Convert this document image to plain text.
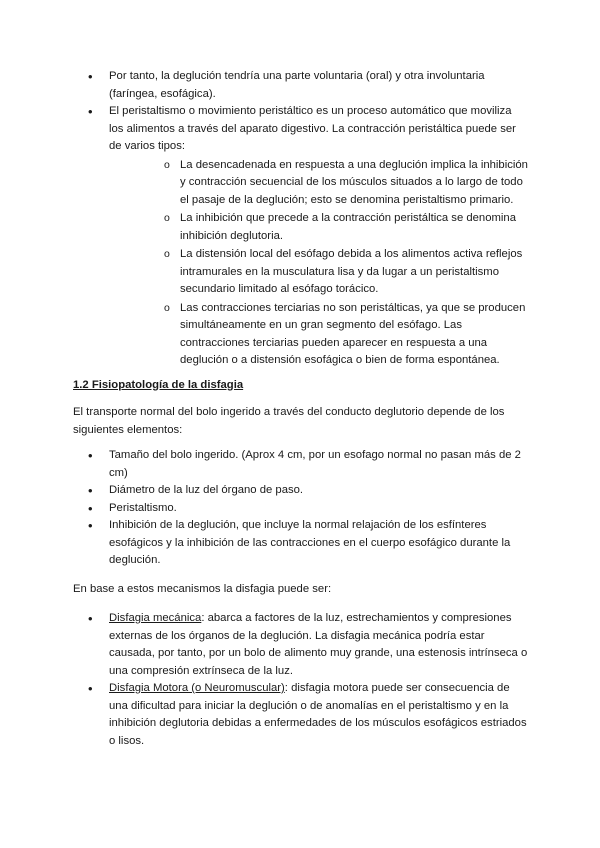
• Por tanto, la deglución tendría una parte voluntaria (oral) y otra involuntaria (faríngea, esofágica).
• El peristaltismo o movimiento peristáltico es un proceso automático que moviliza los alimentos a través del aparato digestivo. La contracción peristáltica puede ser de varios tipos:
o La desencadenada en respuesta a una deglución implica la inhibición y contracción secuencial de los músculos situados a lo largo de todo el pasaje de la deglución; esto se denomina peristaltismo primario.
o La inhibición que precede a la contracción peristáltica se denomina inhibición deglutoria.
o La distensión local del esófago debida a los alimentos activa reflejos intramurales en la musculatura lisa y da lugar a un peristaltismo secundario limitado al esófago torácico.
o Las contracciones terciarias no son peristálticas, ya que se producen simultáneamente en un gran segmento del esófago. Las contracciones terciarias pueden aparecer en respuesta a una deglución o a distensión esofágica o bien de forma espontánea.
1.2 Fisiopatología de la disfagia

El transporte normal del bolo ingerido a través del conducto deglutorio depende de los siguientes elementos:

• Tamaño del bolo ingerido. (Aprox 4 cm, por un esofago normal no pasan más de 2 cm)
• Diámetro de la luz del órgano de paso.
• Peristaltismo.
• Inhibición de la deglución, que incluye la normal relajación de los esfínteres esofágicos y la inhibición de las contracciones en el cuerpo esofágico durante la deglución.

En base a estos mecanismos la disfagia puede ser:

• Disfagia mecánica: abarca a factores de la luz, estrechamientos y compresiones externas de los órganos de la deglución. La disfagia mecánica podría estar causada, por tanto, por un bolo de alimento muy grande, una estenosis intrínseca o una compresión extrínseca de la luz.
• Disfagia Motora (o Neuromuscular): disfagia motora puede ser consecuencia de una dificultad para iniciar la deglución o de anomalías en el peristaltismo y en la inhibición deglutoria debidas a enfermedades de los músculos esofágicos estriados o lisos.
